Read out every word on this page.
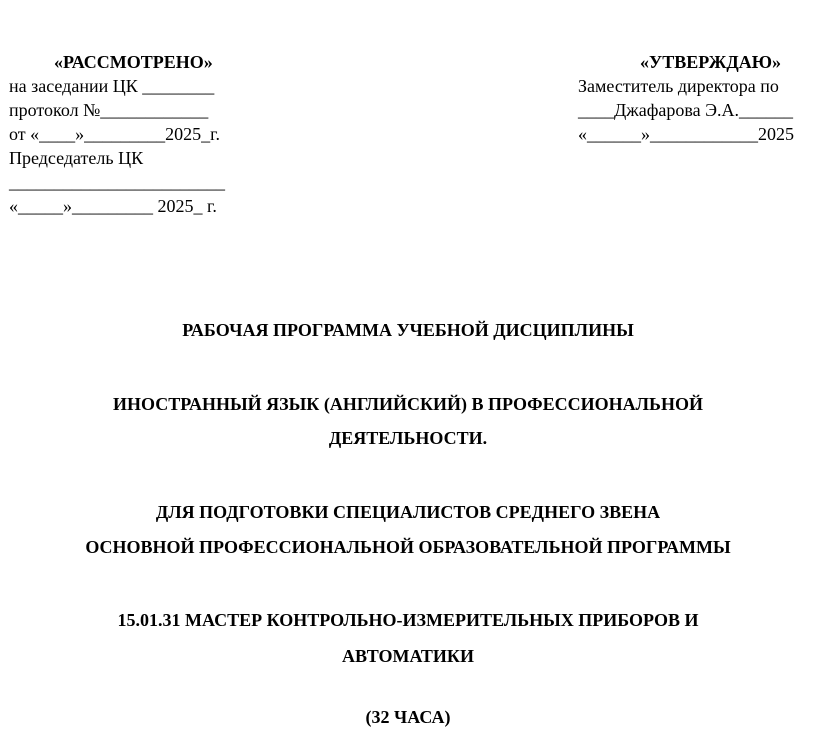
«РАССМОТРЕНО»
на заседании ЦК ________
протокол №____________
от «____»_________2025_г.
Председатель ЦК
________________________
«_____»_________ 2025_ г.
«УТВЕРЖДАЮ»
Заместитель директора по
____Джафарова Э.А.______
«______»____________2025
РАБОЧАЯ ПРОГРАММА УЧЕБНОЙ ДИСЦИПЛИНЫ
ИНОСТРАННЫЙ ЯЗЫК (АНГЛИЙСКИЙ) В ПРОФЕССИОНАЛЬНОЙ
ДЕЯТЕЛЬНОСТИ.
ДЛЯ ПОДГОТОВКИ СПЕЦИАЛИСТОВ СРЕДНЕГО ЗВЕНА
ОСНОВНОЙ ПРОФЕССИОНАЛЬНОЙ ОБРАЗОВАТЕЛЬНОЙ ПРОГРАММЫ
15.01.31 МАСТЕР КОНТРОЛЬНО-ИЗМЕРИТЕЛЬНЫХ ПРИБОРОВ И
АВТОМАТИКИ
(32 ЧАСА)
